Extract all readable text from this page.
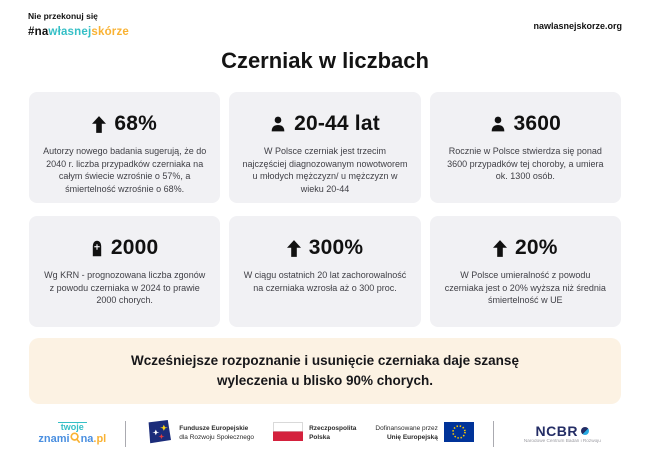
Nie przekonuj się
#nawłasnejskórze	nawlasnejskorze.org
Czerniak w liczbach
68%

Autorzy nowego badania sugerują, że do 2040 r. liczba przypadków czerniaka na całym świecie wzrośnie o 57%, a śmiertelność wzrośnie o 68%.

20-44 lat

W Polsce czerniak jest trzecim najczęściej diagnozowanym nowotworem u młodych mężczyzn/ u mężczyzn w wieku 20-44

3600

Rocznie w Polsce stwierdza się ponad 3600 przypadków tej choroby, a umiera ok. 1300 osób.

2000

Wg KRN - prognozowana liczba zgonów z powodu czerniaka w 2024 to prawie 2000 chorych.

300%

W ciągu ostatnich 20 lat zachorowalność na czerniaka wzrosła aż o 300 proc.

20%

W Polsce umieralność z powodu czerniaka jest o 20% wyższa niż średnia śmiertelność w UE

Wcześniejsze rozpoznanie i usunięcie czerniaka daje szansę wyleczenia u blisko 90% chorych.

twoje
znami na .pl
Fundusze Europejskie
dla Rozwoju Społecznego
Rzeczpospolita
Polska
Dofinansowane przez
Unię Europejską	NCBR
Narodowe Centrum Badań i Rozwoju
